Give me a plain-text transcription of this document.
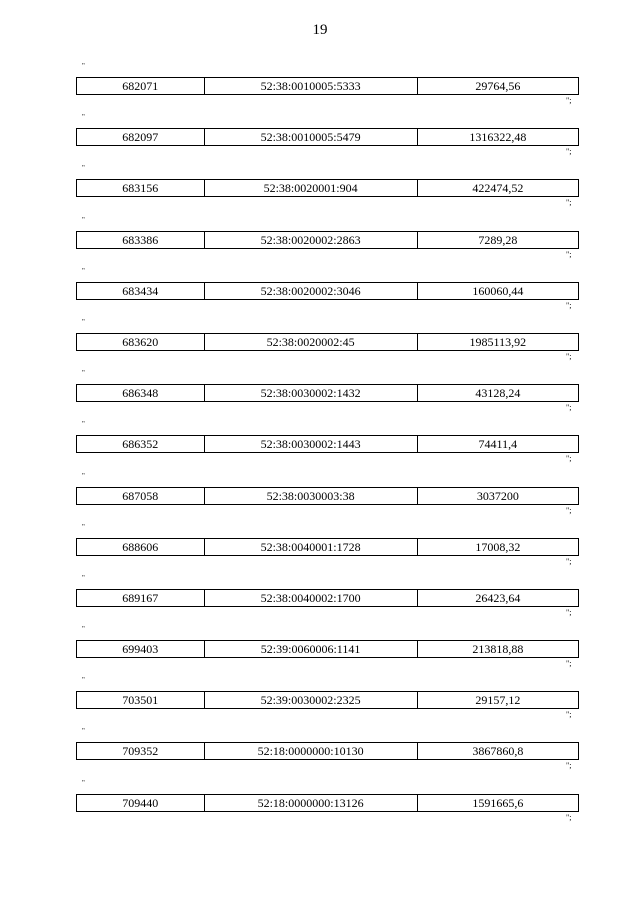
19
"
682071	52:38:0010005:5333	29764,56
";
"
682097	52:38:0010005:5479	1316322,48
";
"
683156	52:38:0020001:904	422474,52
";
"
683386	52:38:0020002:2863	7289,28
";
"
683434	52:38:0020002:3046	160060,44
";
"
683620	52:38:0020002:45	1985113,92
";
"
686348	52:38:0030002:1432	43128,24
";
"
686352	52:38:0030002:1443	74411,4
";
"
687058	52:38:0030003:38	3037200
";
"
688606	52:38:0040001:1728	17008,32
";
"
689167	52:38:0040002:1700	26423,64
";
"
699403	52:39:0060006:1141	213818,88
";
"
703501	52:39:0030002:2325	29157,12
";
"
709352	52:18:0000000:10130	3867860,8
";
"
709440	52:18:0000000:13126	1591665,6
";
